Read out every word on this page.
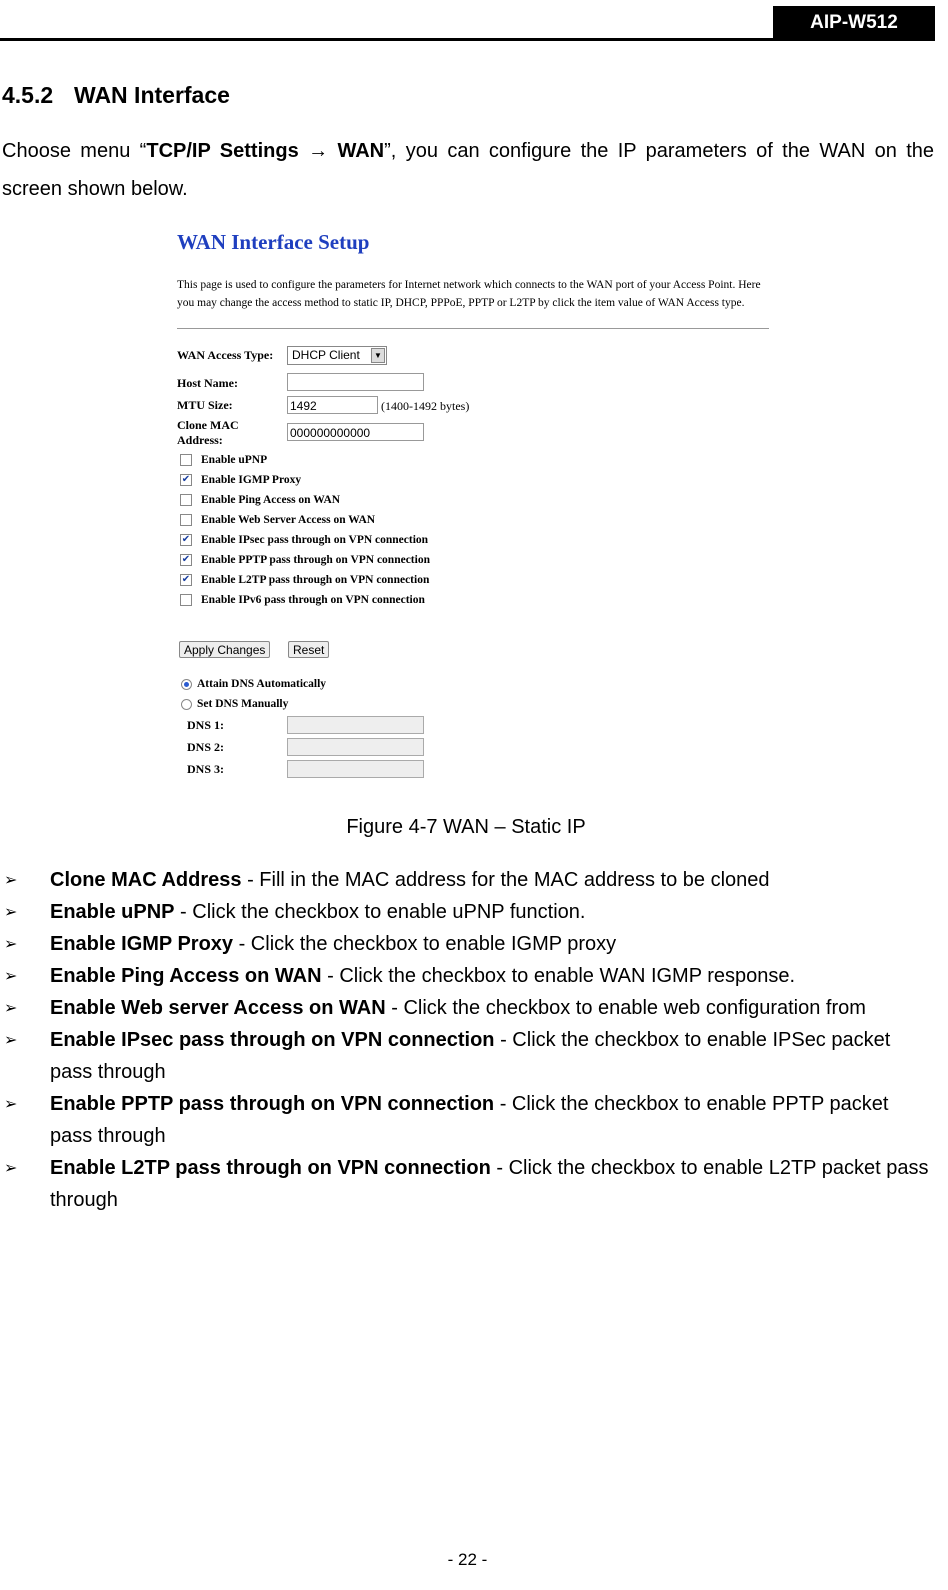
AIP-W512
4.5.2 WAN Interface
Choose menu “TCP/IP Settings → WAN”, you can configure the IP parameters of the WAN on the screen shown below.
WAN Interface Setup
This page is used to configure the parameters for Internet network which connects to the WAN port of your Access Point. Here you may change the access method to static IP, DHCP, PPPoE, PPTP or L2TP by click the item value of WAN Access type.
WAN Access Type:	DHCP Client	▼
Host Name:
MTU Size:	1492	(1400-1492 bytes)
Clone MAC
Address:	000000000000
Enable uPNP
✔ Enable IGMP Proxy
Enable Ping Access on WAN
Enable Web Server Access on WAN
✔ Enable IPsec pass through on VPN connection
✔ Enable PPTP pass through on VPN connection
✔ Enable L2TP pass through on VPN connection
Enable IPv6 pass through on VPN connection
Apply Changes	Reset
Attain DNS Automatically
Set DNS Manually
DNS 1:
DNS 2:
DNS 3:
Figure 4-7 WAN – Static IP
➢ Clone MAC Address - Fill in the MAC address for the MAC address to be cloned
➢ Enable uPNP - Click the checkbox to enable uPNP function.
➢ Enable IGMP Proxy - Click the checkbox to enable IGMP proxy
➢ Enable Ping Access on WAN - Click the checkbox to enable WAN IGMP response.
➢ Enable Web server Access on WAN - Click the checkbox to enable web configuration from
➢ Enable IPsec pass through on VPN connection - Click the checkbox to enable IPSec packet pass through
➢ Enable PPTP pass through on VPN connection - Click the checkbox to enable PPTP packet pass through
➢ Enable L2TP pass through on VPN connection - Click the checkbox to enable L2TP packet pass through
- 22 -
